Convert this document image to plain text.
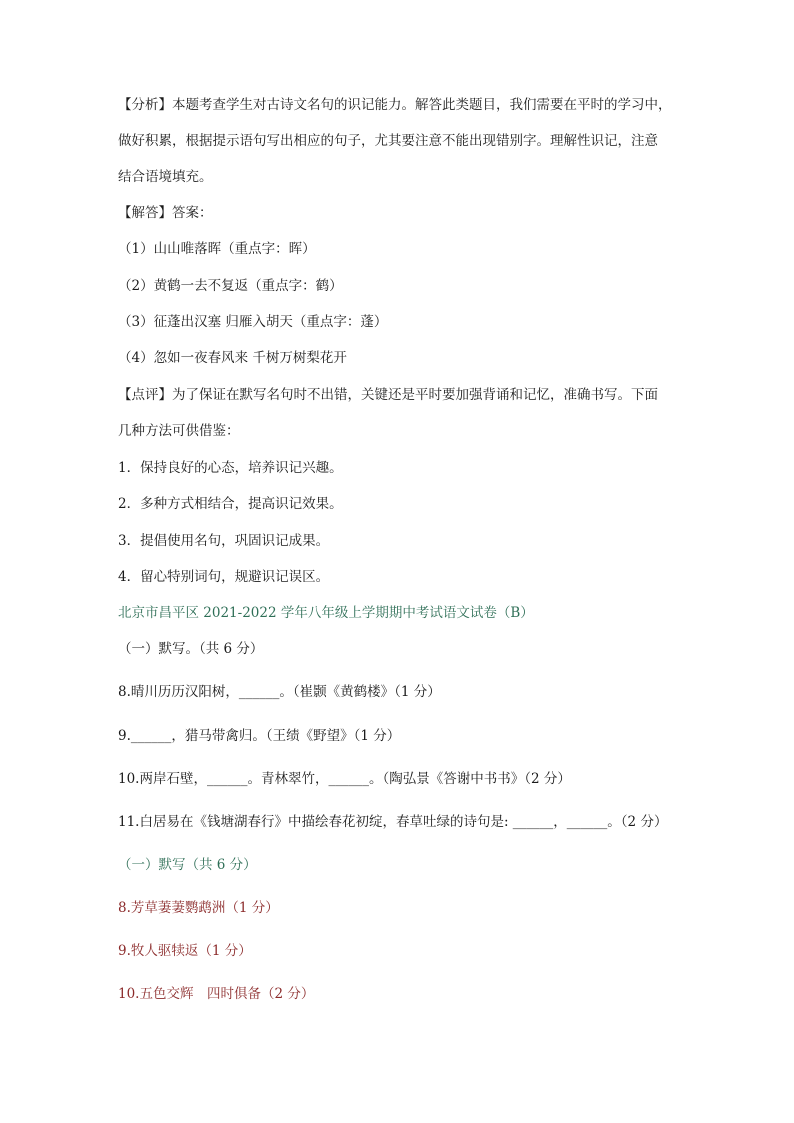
【分析】本题考查学生对古诗文名句的识记能力。解答此类题目，我们需要在平时的学习中，
做好积累，根据提示语句写出相应的句子，尤其要注意不能出现错别字。理解性识记，注意
结合语境填充。
【解答】答案：
（1）山山唯落晖（重点字：晖）
（2）黄鹤一去不复返（重点字：鹤）
（3）征蓬出汉塞 归雁入胡天（重点字：蓬）
（4）忽如一夜春风来 千树万树梨花开
【点评】为了保证在默写名句时不出错，关键还是平时要加强背诵和记忆，准确书写。下面
几种方法可供借鉴：
1．保持良好的心态，培养识记兴趣。
2．多种方式相结合，提高识记效果。
3．提倡使用名句，巩固识记成果。
4．留心特别词句，规避识记误区。
北京市昌平区 2021-2022 学年八年级上学期期中考试语文试卷（B）
（一）默写。（共 6 分）
8.晴川历历汉阳树，______。（崔颢《黄鹤楼》（1 分）
9.______，猎马带禽归。（王绩《野望》（1 分）
10.两岸石壁，______。青林翠竹，______。（陶弘景《答谢中书书》（2 分）
11.白居易在《钱塘湖春行》中描绘春花初绽，春草吐绿的诗句是: ______，______。（2 分）
（一）默写（共 6 分）
8.芳草萋萋鹦鹉洲（1 分）
9.牧人驱犊返（1 分）
10.五色交辉　四时俱备（2 分）
